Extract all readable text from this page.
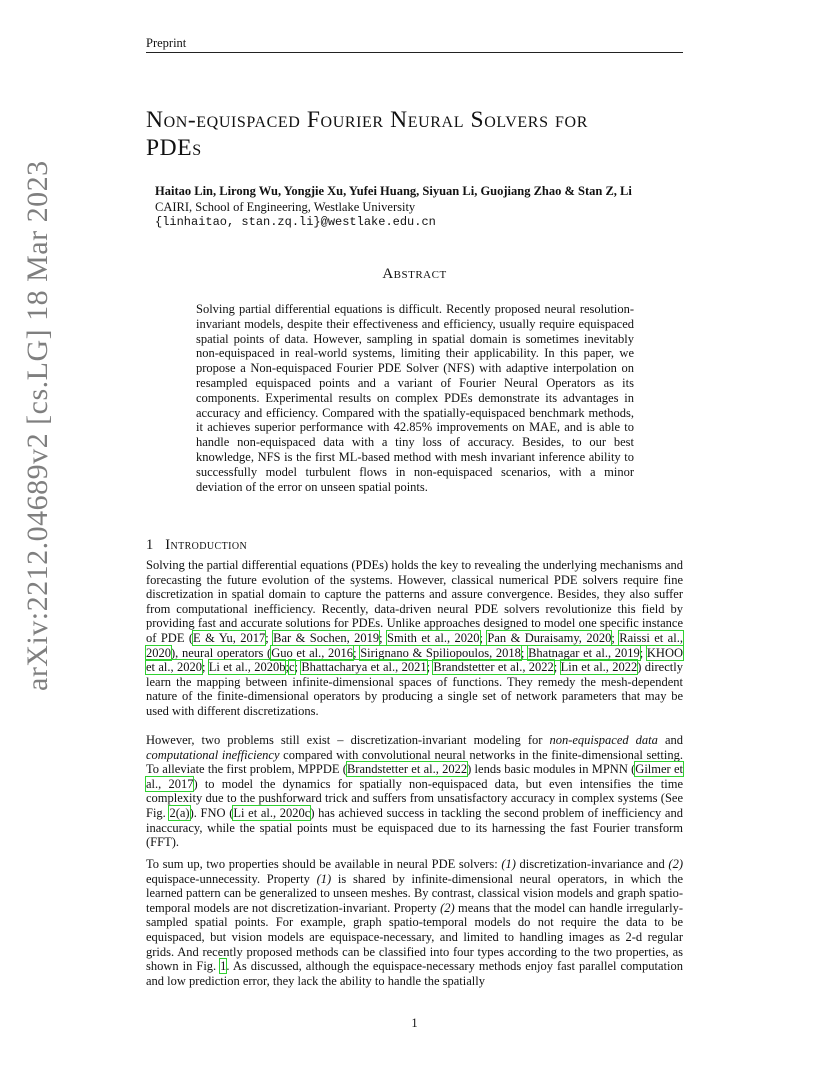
Preprint
arXiv:2212.04689v2 [cs.LG] 18 Mar 2023
Non-equispaced Fourier Neural Solvers for
PDEs
Haitao Lin, Lirong Wu, Yongjie Xu, Yufei Huang, Siyuan Li, Guojiang Zhao & Stan Z, Li
CAIRI, School of Engineering, Westlake University
{linhaitao, stan.zq.li}@westlake.edu.cn
Abstract

Solving partial differential equations is difficult. Recently proposed neural resolution-invariant models, despite their effectiveness and efficiency, usually require equispaced spatial points of data. However, sampling in spatial domain is sometimes inevitably non-equispaced in real-world systems, limiting their applicability. In this paper, we propose a Non-equispaced Fourier PDE Solver (NFS) with adaptive interpolation on resampled equispaced points and a variant of Fourier Neural Operators as its components. Experimental results on complex PDEs demonstrate its advantages in accuracy and efficiency. Compared with the spatially-equispaced benchmark methods, it achieves superior performance with 42.85% improvements on MAE, and is able to handle non-equispaced data with a tiny loss of accuracy. Besides, to our best knowledge, NFS is the first ML-based method with mesh invariant inference ability to successfully model turbulent flows in non-equispaced scenarios, with a minor deviation of the error on unseen spatial points.

1 Introduction

Solving the partial differential equations (PDEs) holds the key to revealing the underlying mechanisms and forecasting the future evolution of the systems. However, classical numerical PDE solvers require fine discretization in spatial domain to capture the patterns and assure convergence. Besides, they also suffer from computational inefficiency. Recently, data-driven neural PDE solvers revolutionize this field by providing fast and accurate solutions for PDEs. Unlike approaches designed to model one specific instance of PDE (E & Yu, 2017; Bar & Sochen, 2019; Smith et al., 2020; Pan & Duraisamy, 2020; Raissi et al., 2020), neural operators (Guo et al., 2016; Sirignano & Spiliopoulos, 2018; Bhatnagar et al., 2019; KHOO et al., 2020; Li et al., 2020b;c; Bhattacharya et al., 2021; Brandstetter et al., 2022; Lin et al., 2022) directly learn the mapping between infinite-dimensional spaces of functions. They remedy the mesh-dependent nature of the finite-dimensional operators by producing a single set of network parameters that may be used with different discretizations.

However, two problems still exist – discretization-invariant modeling for non-equispaced data and computational inefficiency compared with convolutional neural networks in the finite-dimensional setting. To alleviate the first problem, MPPDE (Brandstetter et al., 2022) lends basic modules in MPNN (Gilmer et al., 2017) to model the dynamics for spatially non-equispaced data, but even intensifies the time complexity due to the pushforward trick and suffers from unsatisfactory accuracy in complex systems (See Fig. 2(a)). FNO (Li et al., 2020c) has achieved success in tackling the second problem of inefficiency and inaccuracy, while the spatial points must be equispaced due to its harnessing the fast Fourier transform (FFT).

To sum up, two properties should be available in neural PDE solvers: (1) discretization-invariance and (2) equispace-unnecessity. Property (1) is shared by infinite-dimensional neural operators, in which the learned pattern can be generalized to unseen meshes. By contrast, classical vision models and graph spatio-temporal models are not discretization-invariant. Property (2) means that the model can handle irregularly-sampled spatial points. For example, graph spatio-temporal models do not require the data to be equispaced, but vision models are equispace-necessary, and limited to handling images as 2-d regular grids. And recently proposed methods can be classified into four types according to the two properties, as shown in Fig. 1. As discussed, although the equispace-necessary methods enjoy fast parallel computation and low prediction error, they lack the ability to handle the spatially

1
